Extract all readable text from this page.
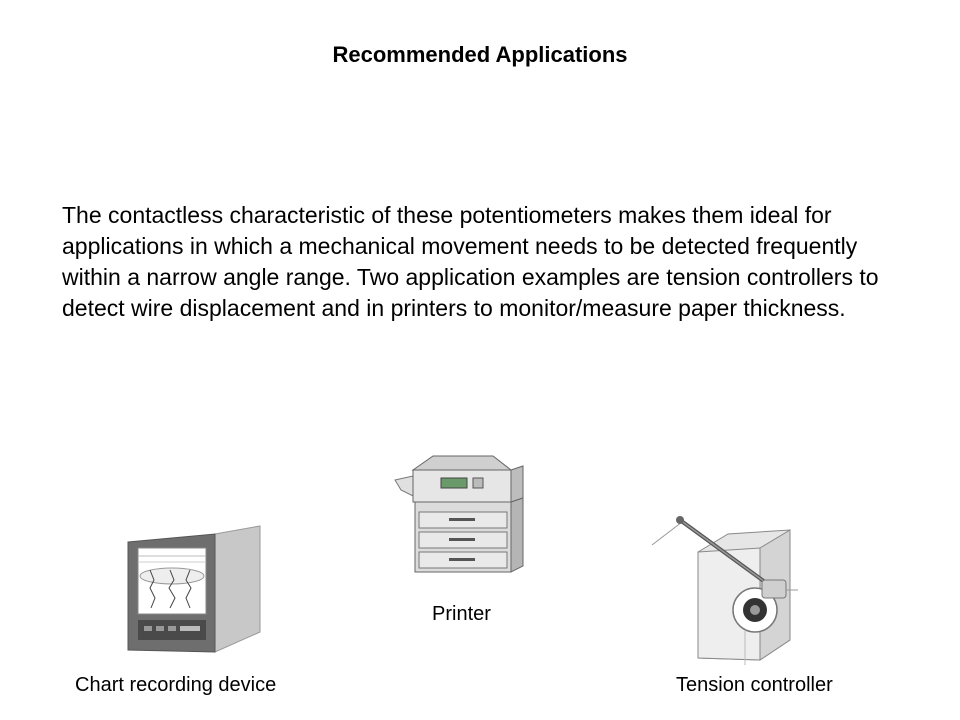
Recommended Applications
The contactless characteristic of these potentiometers makes them ideal for applications in which a mechanical movement needs to be detected frequently within a narrow angle range. Two application examples are tension controllers to detect wire displacement and in printers to monitor/measure paper thickness.
Chart recording device
Printer
Tension controller
